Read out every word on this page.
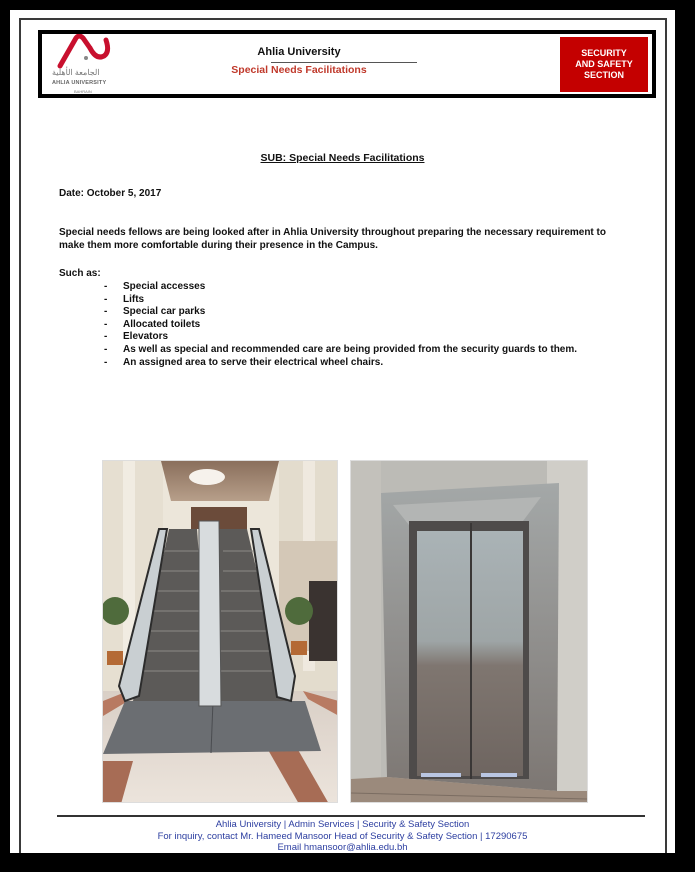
الجامعة الأهلية
AHLIA UNIVERSITY
BAHRAIN
Ahlia University
Special Needs Facilitations
SECURITY
AND SAFETY
SECTION
SUB: Special Needs Facilitations
Date: October 5, 2017
Special needs fellows are being looked after in Ahlia University throughout preparing the necessary requirement to make them more comfortable during their presence in the Campus.
Such as:
- Special accesses
- Lifts
- Special car parks
- Allocated toilets
- Elevators
- As well as special and recommended care are being provided from the security guards to them.
- An assigned area to serve their electrical wheel chairs.
Ahlia University | Admin Services | Security & Safety Section
For inquiry, contact Mr. Hameed Mansoor Head of Security & Safety Section | 17290675
Email hmansoor@ahlia.edu.bh
